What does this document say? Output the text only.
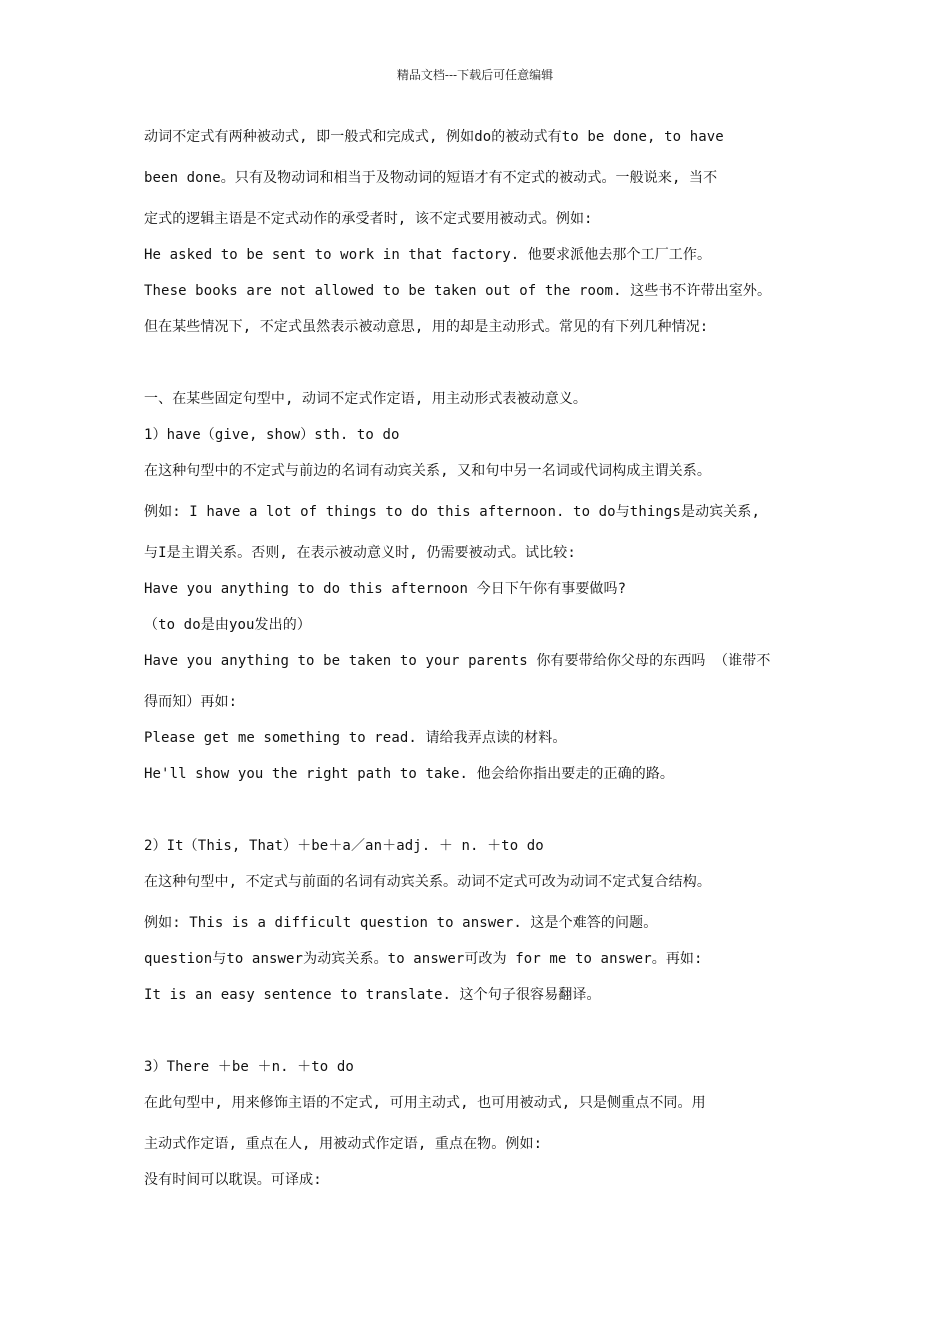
精品文档---下载后可任意编辑
动词不定式有两种被动式, 即一般式和完成式, 例如do的被动式有to be done, to have
been done。只有及物动词和相当于及物动词的短语才有不定式的被动式。一般说来, 当不
定式的逻辑主语是不定式动作的承受者时, 该不定式要用被动式。例如:
He asked to be sent to work in that factory. 他要求派他去那个工厂工作。
These books are not allowed to be taken out of the room. 这些书不许带出室外。
但在某些情况下, 不定式虽然表示被动意思, 用的却是主动形式。常见的有下列几种情况:
一、在某些固定句型中, 动词不定式作定语, 用主动形式表被动意义。
1）have（give, show）sth. to do
在这种句型中的不定式与前边的名词有动宾关系, 又和句中另一名词或代词构成主谓关系。
例如: I have a lot of things to do this afternoon. to do与things是动宾关系,
与I是主谓关系。否则, 在表示被动意义时, 仍需要被动式。试比较:
Have you anything to do this afternoon 今日下午你有事要做吗?
（to do是由you发出的）
Have you anything to be taken to your parents 你有要带给你父母的东西吗 （谁带不
得而知）再如:
Please get me something to read. 请给我弄点读的材料。
He'll show you the right path to take. 他会给你指出要走的正确的路。
2）It（This, That）＋be＋a／an＋adj. ＋ n. ＋to do
在这种句型中, 不定式与前面的名词有动宾关系。动词不定式可改为动词不定式复合结构。
例如: This is a difficult question to answer. 这是个难答的问题。
question与to answer为动宾关系。to answer可改为 for me to answer。再如:
It is an easy sentence to translate. 这个句子很容易翻译。
3）There ＋be ＋n. ＋to do
在此句型中, 用来修饰主语的不定式, 可用主动式, 也可用被动式, 只是侧重点不同。用
主动式作定语, 重点在人, 用被动式作定语, 重点在物。例如:
没有时间可以耽误。可译成:
